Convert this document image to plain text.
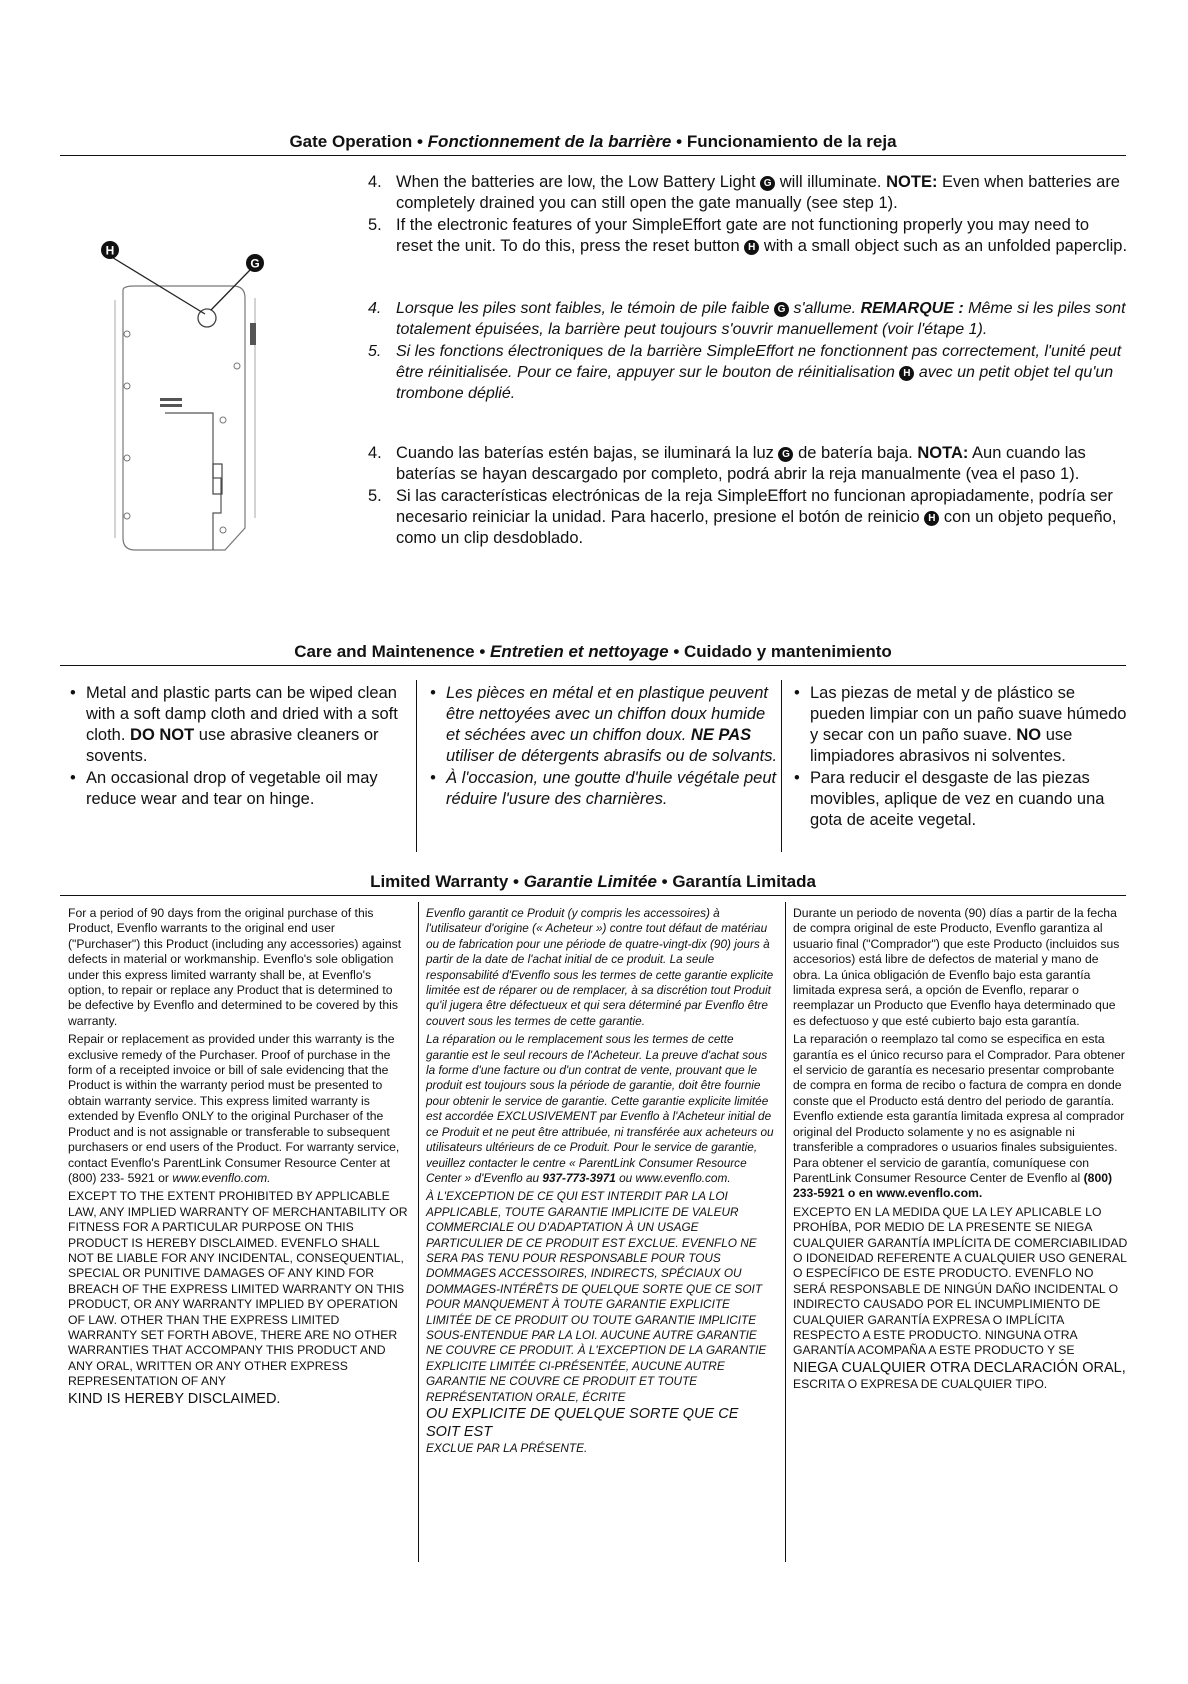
Gate Operation • Fonctionnement de la barrière • Funcionamiento de la reja
H
G
4. When the batteries are low, the Low Battery Light G will illuminate. NOTE: Even when batteries are completely drained you can still open the gate manually (see step 1).
5. If the electronic features of your SimpleEffort gate are not functioning properly you may need to reset the unit. To do this, press the reset button H with a small object such as an unfolded paperclip.
4. Lorsque les piles sont faibles, le témoin de pile faible G s'allume. REMARQUE : Même si les piles sont totalement épuisées, la barrière peut toujours s'ouvrir manuellement (voir l'étape 1).
5. Si les fonctions électroniques de la barrière SimpleEffort ne fonctionnent pas correctement, l'unité peut être réinitialisée. Pour ce faire, appuyer sur le bouton de réinitialisation H avec un petit objet tel qu'un trombone déplié.
4. Cuando las baterías estén bajas, se iluminará la luz G de batería baja. NOTA: Aun cuando las baterías se hayan descargado por completo, podrá abrir la reja manualmente (vea el paso 1).
5. Si las características electrónicas de la reja SimpleEffort no funcionan apropiadamente, podría ser necesario reiniciar la unidad. Para hacerlo, presione el botón de reinicio H con un objeto pequeño, como un clip desdoblado.
Care and Maintenence • Entretien et nettoyage • Cuidado y mantenimiento
• Metal and plastic parts can be wiped clean with a soft damp cloth and dried with a soft cloth. DO NOT use abrasive cleaners or sovents.
• An occasional drop of vegetable oil may reduce wear and tear on hinge.
• Les pièces en métal et en plastique peuvent être nettoyées avec un chiffon doux humide et séchées avec un chiffon doux. NE PAS utiliser de détergents abrasifs ou de solvants.
• À l'occasion, une goutte d'huile végétale peut réduire l'usure des charnières.
• Las piezas de metal y de plástico se pueden limpiar con un paño suave húmedo y secar con un paño suave. NO use limpiadores abrasivos ni solventes.
• Para reducir el desgaste de las piezas movibles, aplique de vez en cuando una gota de aceite vegetal.
Limited Warranty • Garantie Limitée • Garantía Limitada

For a period of 90 days from the original purchase of this Product, Evenflo warrants to the original end user ("Purchaser") this Product (including any accessories) against defects in material or workmanship. Evenflo's sole obligation under this express limited warranty shall be, at Evenflo's option, to repair or replace any Product that is determined to be defective by Evenflo and determined to be covered by this warranty.

Repair or replacement as provided under this warranty is the exclusive remedy of the Purchaser. Proof of purchase in the form of a receipted invoice or bill of sale evidencing that the Product is within the warranty period must be presented to obtain warranty service. This express limited warranty is extended by Evenflo ONLY to the original Purchaser of the Product and is not assignable or transferable to subsequent purchasers or end users of the Product. For warranty service, contact Evenflo's ParentLink Consumer Resource Center at (800) 233- 5921 or www.evenflo.com.

EXCEPT TO THE EXTENT PROHIBITED BY APPLICABLE LAW, ANY IMPLIED WARRANTY OF MERCHANTABILITY OR FITNESS FOR A PARTICULAR PURPOSE ON THIS PRODUCT IS HEREBY DISCLAIMED. EVENFLO SHALL NOT BE LIABLE FOR ANY INCIDENTAL, CONSEQUENTIAL, SPECIAL OR PUNITIVE DAMAGES OF ANY KIND FOR BREACH OF THE EXPRESS LIMITED WARRANTY ON THIS PRODUCT, OR ANY WARRANTY IMPLIED BY OPERATION OF LAW. OTHER THAN THE EXPRESS LIMITED WARRANTY SET FORTH ABOVE, THERE ARE NO OTHER WARRANTIES THAT ACCOMPANY THIS PRODUCT AND ANY ORAL, WRITTEN OR ANY OTHER EXPRESS REPRESENTATION OF ANY
KIND IS HEREBY DISCLAIMED.

Evenflo garantit ce Produit (y compris les accessoires) à l'utilisateur d'origine (« Acheteur ») contre tout défaut de matériau ou de fabrication pour une période de quatre-vingt-dix (90) jours à partir de la date de l'achat initial de ce produit. La seule responsabilité d'Evenflo sous les termes de cette garantie explicite limitée est de réparer ou de remplacer, à sa discrétion tout Produit qu'il jugera être défectueux et qui sera déterminé par Evenflo être couvert sous les termes de cette garantie.

La réparation ou le remplacement sous les termes de cette garantie est le seul recours de l'Acheteur. La preuve d'achat sous la forme d'une facture ou d'un contrat de vente, prouvant que le produit est toujours sous la période de garantie, doit être fournie pour obtenir le service de garantie. Cette garantie explicite limitée est accordée EXCLUSIVEMENT par Evenflo à l'Acheteur initial de ce Produit et ne peut être attribuée, ni transférée aux acheteurs ou utilisateurs ultérieurs de ce Produit. Pour le service de garantie, veuillez contacter le centre « ParentLink Consumer Resource Center » d'Evenflo au 937-773-3971 ou www.evenflo.com.

À L'EXCEPTION DE CE QUI EST INTERDIT PAR LA LOI APPLICABLE, TOUTE GARANTIE IMPLICITE DE VALEUR COMMERCIALE OU D'ADAPTATION À UN USAGE PARTICULIER DE CE PRODUIT EST EXCLUE. EVENFLO NE SERA PAS TENU POUR RESPONSABLE POUR TOUS DOMMAGES ACCESSOIRES, INDIRECTS, SPÉCIAUX OU DOMMAGES-INTÉRÊTS DE QUELQUE SORTE QUE CE SOIT POUR MANQUEMENT À TOUTE GARANTIE EXPLICITE LIMITÉE DE CE PRODUIT OU TOUTE GARANTIE IMPLICITE SOUS-ENTENDUE PAR LA LOI. AUCUNE AUTRE GARANTIE NE COUVRE CE PRODUIT. À L'EXCEPTION DE LA GARANTIE EXPLICITE LIMITÉE CI-PRÉSENTÉE, AUCUNE AUTRE GARANTIE NE COUVRE CE PRODUIT ET TOUTE REPRÉSENTATION ORALE, ÉCRITE
OU EXPLICITE DE QUELQUE SORTE QUE CE SOIT EST
EXCLUE PAR LA PRÉSENTE.

Durante un periodo de noventa (90) días a partir de la fecha de compra original de este Producto, Evenflo garantiza al usuario final ("Comprador") que este Producto (incluidos sus accesorios) está libre de defectos de material y mano de obra. La única obligación de Evenflo bajo esta garantía limitada expresa será, a opción de Evenflo, reparar o reemplazar un Producto que Evenflo haya determinado que es defectuoso y que esté cubierto bajo esta garantía.

La reparación o reemplazo tal como se especifica en esta garantía es el único recurso para el Comprador. Para obtener el servicio de garantía es necesario presentar comprobante de compra en forma de recibo o factura de compra en donde conste que el Producto está dentro del periodo de garantía. Evenflo extiende esta garantía limitada expresa al comprador original del Producto solamente y no es asignable ni transferible a compradores o usuarios finales subsiguientes. Para obtener el servicio de garantía, comuníquese con ParentLink Consumer Resource Center de Evenflo al (800) 233-5921 o en www.evenflo.com.

EXCEPTO EN LA MEDIDA QUE LA LEY APLICABLE LO PROHÍBA, POR MEDIO DE LA PRESENTE SE NIEGA CUALQUIER GARANTÍA IMPLÍCITA DE COMERCIABILIDAD O IDONEIDAD REFERENTE A CUALQUIER USO GENERAL O ESPECÍFICO DE ESTE PRODUCTO. EVENFLO NO SERÁ RESPONSABLE DE NINGÚN DAÑO INCIDENTAL O INDIRECTO CAUSADO POR EL INCUMPLIMIENTO DE CUALQUIER GARANTÍA EXPRESA O IMPLÍCITA RESPECTO A ESTE PRODUCTO. NINGUNA OTRA GARANTÍA ACOMPAÑA A ESTE PRODUCTO Y SE
NIEGA CUALQUIER OTRA DECLARACIÓN ORAL,
ESCRITA O EXPRESA DE CUALQUIER TIPO.
